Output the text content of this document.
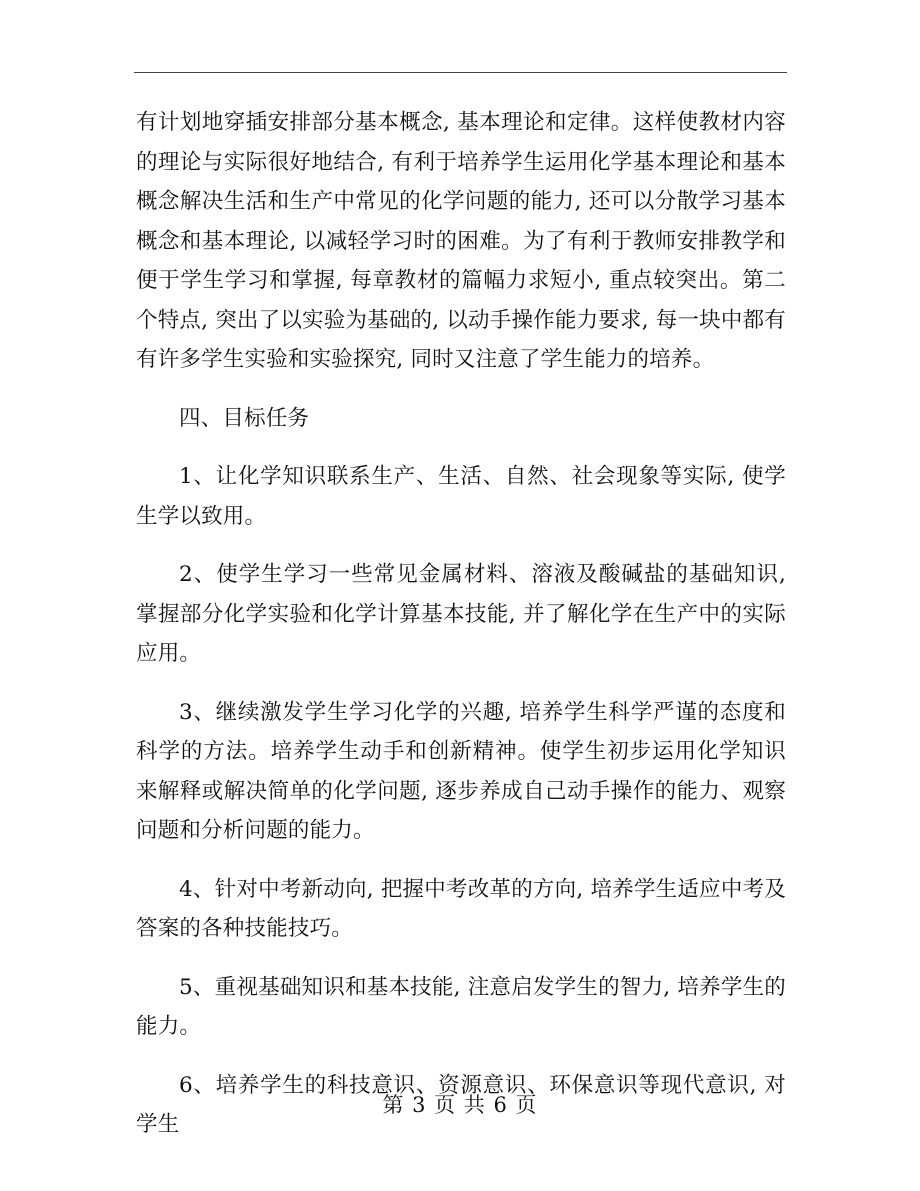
有计划地穿插安排部分基本概念, 基本理论和定律。这样使教材内容的理论与实际很好地结合, 有利于培养学生运用化学基本理论和基本概念解决生活和生产中常见的化学问题的能力, 还可以分散学习基本概念和基本理论, 以减轻学习时的困难。为了有利于教师安排教学和便于学生学习和掌握, 每章教材的篇幅力求短小, 重点较突出。第二个特点, 突出了以实验为基础的, 以动手操作能力要求, 每一块中都有有许多学生实验和实验探究, 同时又注意了学生能力的培养。

四、目标任务

1、让化学知识联系生产、生活、自然、社会现象等实际, 使学生学以致用。

2、使学生学习一些常见金属材料、溶液及酸碱盐的基础知识, 掌握部分化学实验和化学计算基本技能, 并了解化学在生产中的实际应用。

3、继续激发学生学习化学的兴趣, 培养学生科学严谨的态度和科学的方法。培养学生动手和创新精神。使学生初步运用化学知识来解释或解决简单的化学问题, 逐步养成自己动手操作的能力、观察问题和分析问题的能力。

4、针对中考新动向, 把握中考改革的方向, 培养学生适应中考及答案的各种技能技巧。

5、重视基础知识和基本技能, 注意启发学生的智力, 培养学生的能力。

6、培养学生的科技意识、资源意识、环保意识等现代意识, 对学生

第 3 页 共 6 页
